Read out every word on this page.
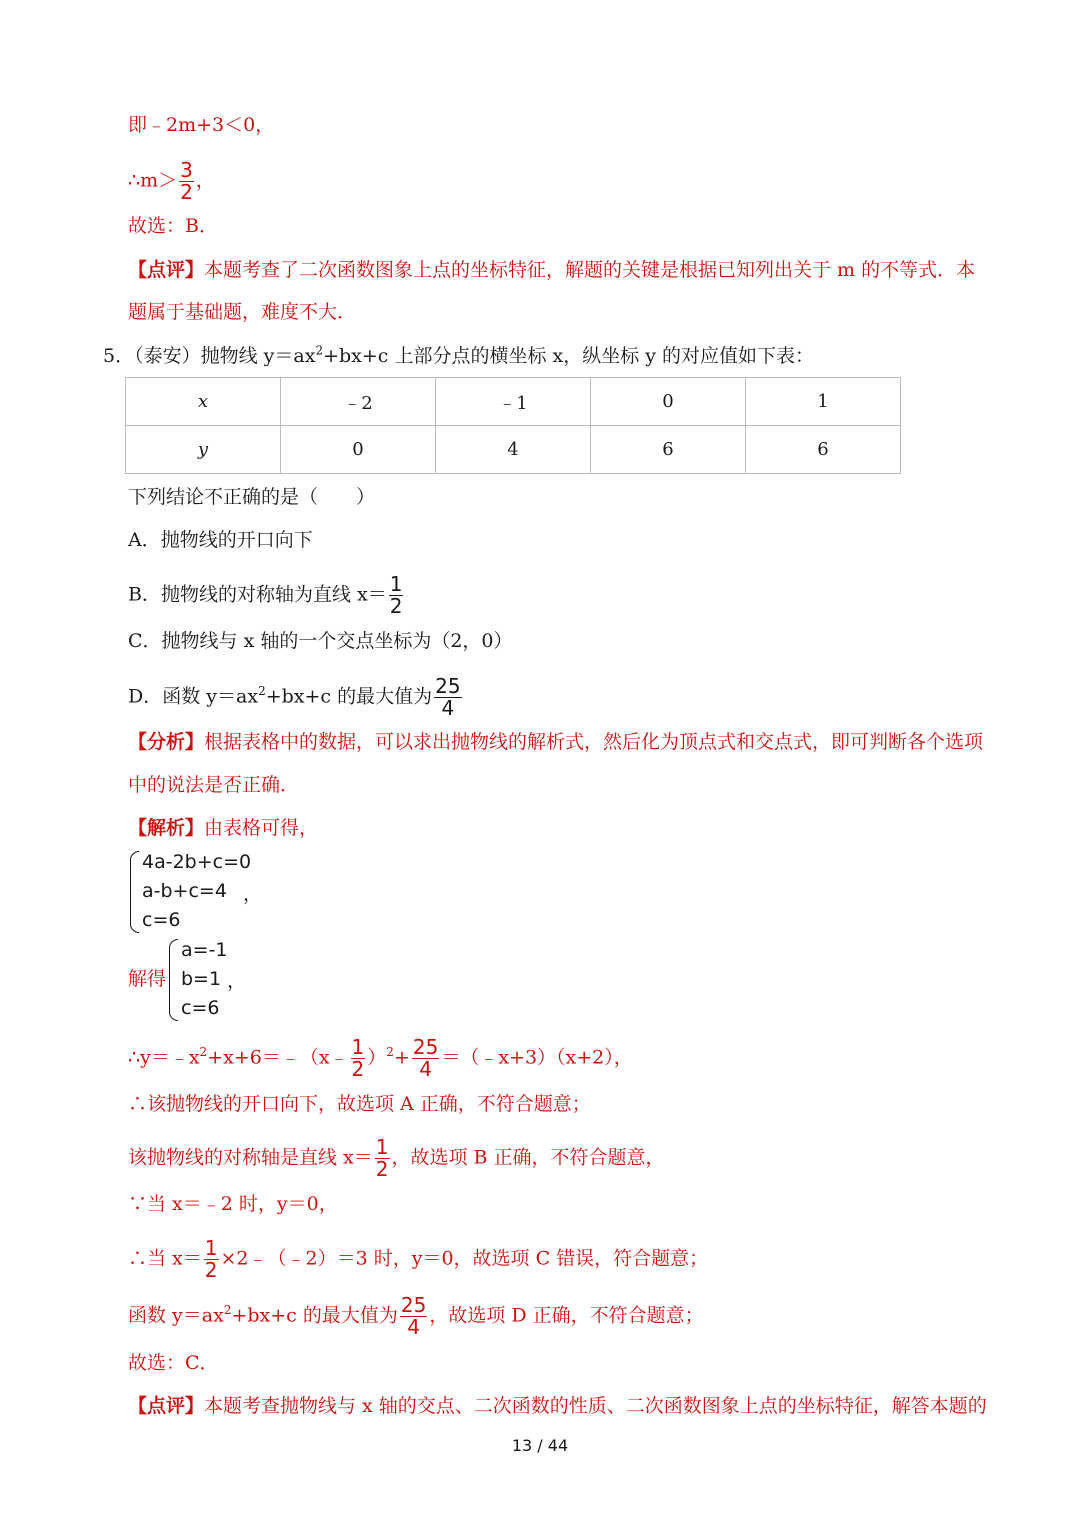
即﹣2m+3＜0，
∴m＞ $\frac{3}{2}$ ，
故选：B．
【点评】本题考查了二次函数图象上点的坐标特征，解题的关键是根据已知列出关于 m 的不等式．本
题属于基础题，难度不大．
5．（泰安）抛物线 $y=ax^2+bx+c$ 上部分点的横坐标 x，纵坐标 y 的对应值如下表：
x	﹣2	﹣1	0	1
y	0	4	6	6
下列结论不正确的是（　　）
A．抛物线的开口向下
B．抛物线的对称轴为直线 $x= \frac{1}{2}$
C．抛物线与 x 轴的一个交点坐标为（2，0）
D．函数 $y=ax^2+bx+c$ 的最大值为 $\frac{25}{4}$
【分析】根据表格中的数据，可以求出抛物线的解析式，然后化为顶点式和交点式，即可判断各个选项
中的说法是否正确．
【解析】由表格可得，
4a-2b+c=0
a-b+c=4
c=6
，
解得
a=-1
b=1
c=6
，
$\therefore y=﹣x^2+x+6=﹣(x﹣ \frac{1}{2} )^2+ \frac{25}{4}$ ＝（﹣x+3）（x+2），
∴该抛物线的开口向下，故选项 A 正确，不符合题意；
该抛物线的对称轴是直线 $x= \frac{1}{2}$ ，故选项 B 正确，不符合题意，
∵当 x＝﹣2 时，y＝0，
∴当 $x= \frac{1}{2}$ ×2﹣（﹣2）＝3 时，y＝0，故选项 C 错误，符合题意；
函数 $y=ax^2+bx+c$ 的最大值为 $\frac{25}{4}$ ，故选项 D 正确，不符合题意；
故选：C．
【点评】本题考查抛物线与 x 轴的交点、二次函数的性质、二次函数图象上点的坐标特征，解答本题的
13 / 44
